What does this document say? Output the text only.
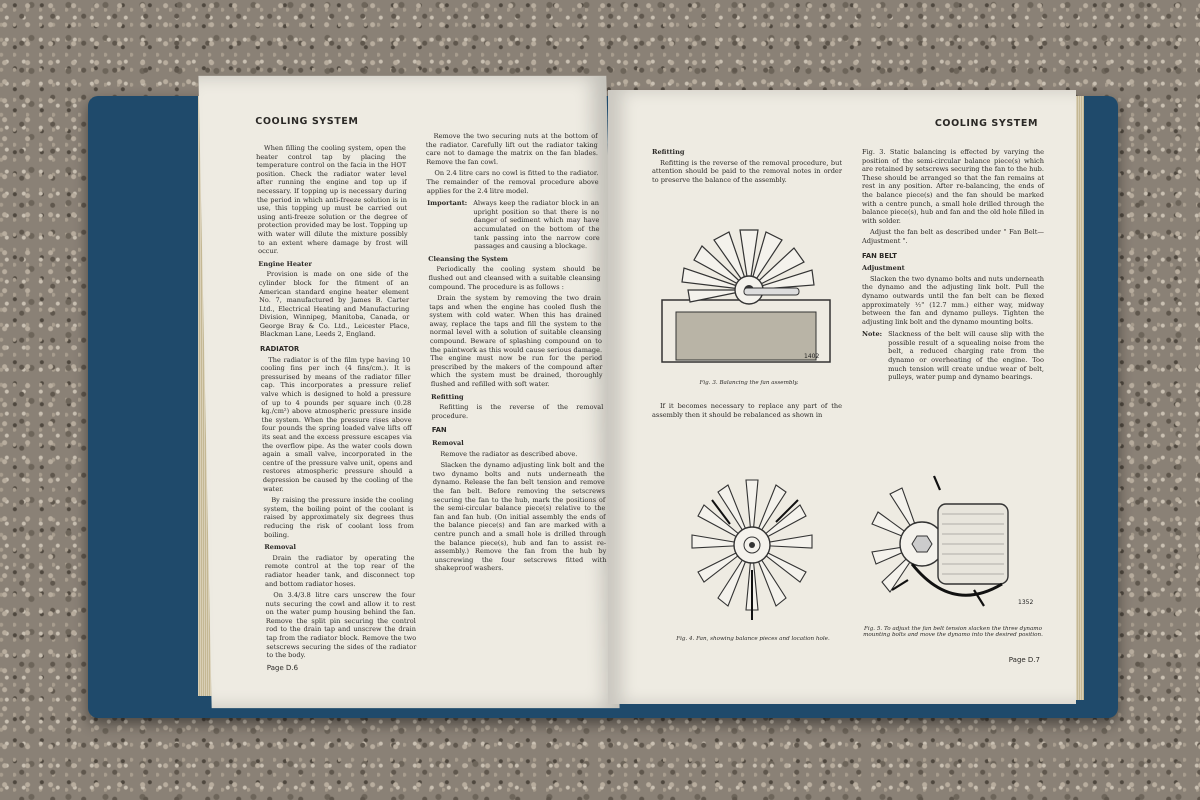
COOLING SYSTEM

When filling the cooling system, open the heater control tap by placing the temperature control on the facia in the HOT position. Check the radiator water level after running the engine and top up if necessary. If topping up is necessary during the period in which anti-freeze solution is in use, this topping up must be carried out using anti-freeze solution or the degree of protection provided may be lost. Topping up with water will dilute the mixture possibly to an extent where damage by frost will occur.

Engine Heater

Provision is made on one side of the cylinder block for the fitment of an American standard engine heater element No. 7, manufactured by James B. Carter Ltd., Electrical Heating and Manufacturing Division, Winnipeg, Manitoba, Canada, or George Bray & Co. Ltd., Leicester Place, Blackman Lane, Leeds 2, England.

RADIATOR

The radiator is of the film type having 10 cooling fins per inch (4 fins/cm.). It is pressurised by means of the radiator filler cap. This incorporates a pressure relief valve which is designed to hold a pressure of up to 4 pounds per square inch (0.28 kg./cm²) above atmospheric pressure inside the system. When the pressure rises above four pounds the spring loaded valve lifts off its seat and the excess pressure escapes via the overflow pipe. As the water cools down again a small valve, incorporated in the centre of the pressure valve unit, opens and restores atmospheric pressure should a depression be caused by the cooling of the water.

By raising the pressure inside the cooling system, the boiling point of the coolant is raised by approximately six degrees thus reducing the risk of coolant loss from boiling.

Removal

Drain the radiator by operating the remote control at the top rear of the radiator header tank, and disconnect top and bottom radiator hoses.

On 3.4/3.8 litre cars unscrew the four nuts securing the cowl and allow it to rest on the water pump housing behind the fan. Remove the split pin securing the control rod to the drain tap and unscrew the drain tap from the radiator block. Remove the two setscrews securing the sides of the radiator to the body.

Remove the two securing nuts at the bottom of the radiator. Carefully lift out the radiator taking care not to damage the matrix on the fan blades. Remove the fan cowl.

On 2.4 litre cars no cowl is fitted to the radiator. The remainder of the removal procedure above applies for the 2.4 litre model.

Important: Always keep the radiator block in an upright position so that there is no danger of sediment which may have accumulated on the bottom of the tank passing into the narrow core passages and causing a blockage.
Cleansing the System

Periodically the cooling system should be flushed out and cleansed with a suitable cleansing compound. The procedure is as follows :

Drain the system by removing the two drain taps and when the engine has cooled flush the system with cold water. When this has drained away, replace the taps and fill the system to the normal level with a solution of suitable cleansing compound. Beware of splashing compound on to the paintwork as this would cause serious damage. The engine must now be run for the period prescribed by the makers of the compound after which the system must be drained, thoroughly flushed and refilled with soft water.

Refitting

Refitting is the reverse of the removal procedure.

FAN
Removal

Remove the radiator as described above.

Slacken the dynamo adjusting link bolt and the two dynamo bolts and nuts underneath the dynamo. Release the fan belt tension and remove the fan belt. Before removing the setscrews securing the fan to the hub, mark the positions of the semi-circular balance piece(s) relative to the fan and fan hub. (On initial assembly the ends of the balance piece(s) and fan are marked with a centre punch and a small hole is drilled through the balance piece(s), hub and fan to assist re-assembly.) Remove the fan from the hub by unscrewing the four setscrews fitted with shakeproof washers.

Page D.6
COOLING SYSTEM
Refitting

Refitting is the reverse of the removal procedure, but attention should be paid to the removal notes in order to preserve the balance of the assembly.

1402
Fig. 3. Balancing the fan assembly.

If it becomes necessary to replace any part of the assembly then it should be rebalanced as shown in

Fig. 4. Fan, showing balance pieces and location hole.

Fig. 3. Static balancing is effected by varying the position of the semi-circular balance piece(s) which are retained by setscrews securing the fan to the hub. These should be arranged so that the fan remains at rest in any position. After re-balancing, the ends of the balance piece(s) and the fan should be marked with a centre punch, a small hole drilled through the balance piece(s), hub and fan and the old hole filled in with solder.

Adjust the fan belt as described under " Fan Belt—Adjustment ".

FAN BELT
Adjustment

Slacken the two dynamo bolts and nuts underneath the dynamo and the adjusting link bolt. Pull the dynamo outwards until the fan belt can be flexed approximately ½" (12.7 mm.) either way, midway between the fan and dynamo pulleys. Tighten the adjusting link bolt and the dynamo mounting bolts.

Note: Slackness of the belt will cause slip with the possible result of a squealing noise from the belt, a reduced charging rate from the dynamo or overheating of the engine. Too much tension will create undue wear of belt, pulleys, water pump and dynamo bearings.
1352
Fig. 5. To adjust the fan belt tension slacken the three dynamo mounting bolts and move the dynamo into the desired position.
Page D.7
